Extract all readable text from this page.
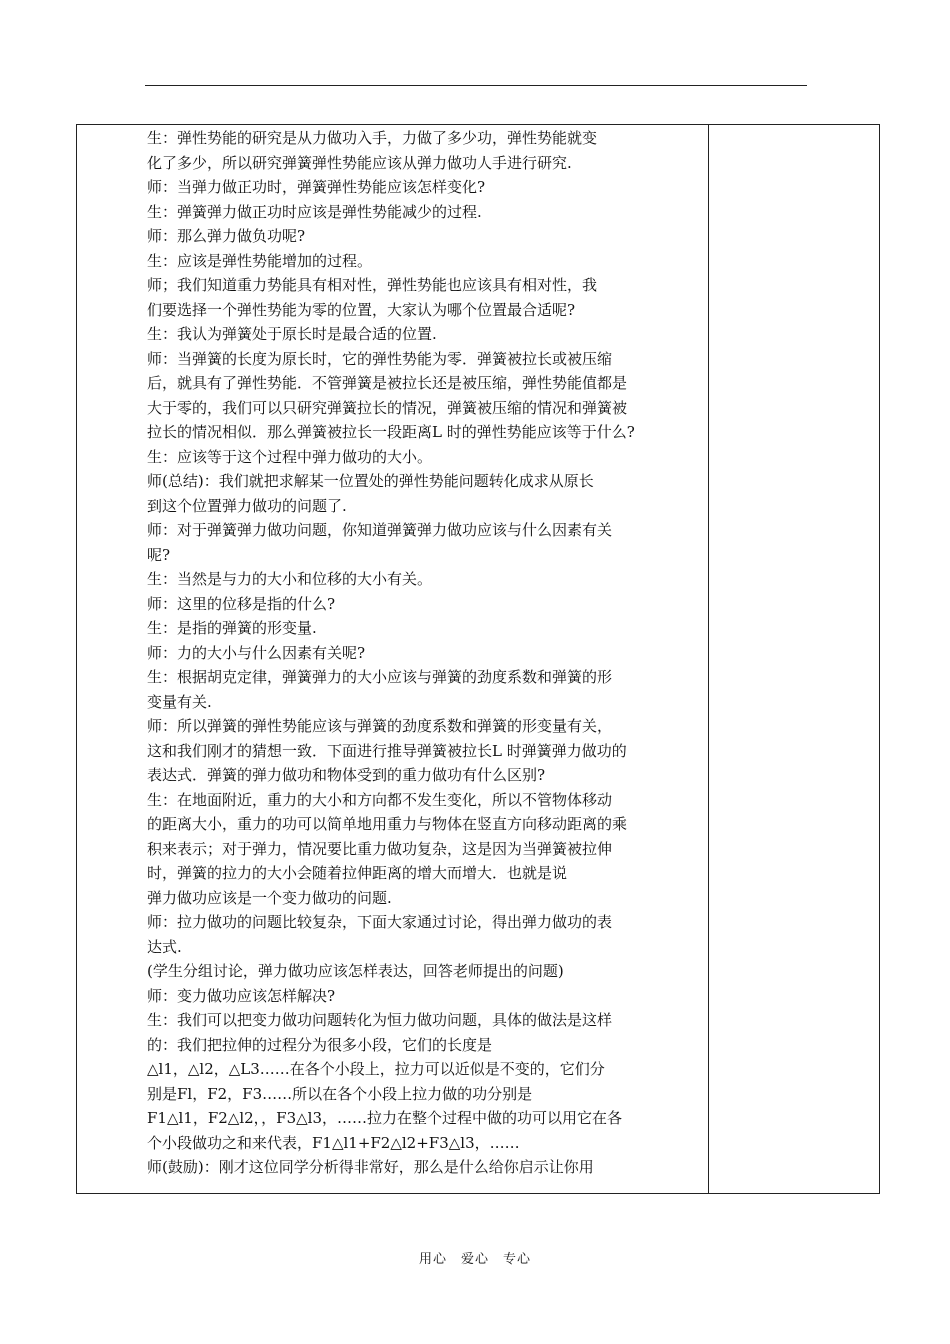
生：弹性势能的研究是从力做功入手，力做了多少功，弹性势能就变
化了多少，所以研究弹簧弹性势能应该从弹力做功人手进行研究.
师：当弹力做正功时，弹簧弹性势能应该怎样变化?
生：弹簧弹力做正功时应该是弹性势能减少的过程.
师：那么弹力做负功呢?
生：应该是弹性势能增加的过程。
师；我们知道重力势能具有相对性，弹性势能也应该具有相对性，我
们要选择一个弹性势能为零的位置，大家认为哪个位置最合适呢?
生：我认为弹簧处于原长时是最合适的位置.
师：当弹簧的长度为原长时，它的弹性势能为零．弹簧被拉长或被压缩
后，就具有了弹性势能．不管弹簧是被拉长还是被压缩，弹性势能值都是
大于零的，我们可以只研究弹簧拉长的情况，弹簧被压缩的情况和弹簧被
拉长的情况相似．那么弹簧被拉长一段距离L 时的弹性势能应该等于什么?
生：应该等于这个过程中弹力做功的大小。
师(总结)：我们就把求解某一位置处的弹性势能问题转化成求从原长
到这个位置弹力做功的问题了.
师：对于弹簧弹力做功问题，你知道弹簧弹力做功应该与什么因素有关
呢?
生：当然是与力的大小和位移的大小有关。
师：这里的位移是指的什么?
生：是指的弹簧的形变量.
师：力的大小与什么因素有关呢?
生：根据胡克定律，弹簧弹力的大小应该与弹簧的劲度系数和弹簧的形
变量有关.
师：所以弹簧的弹性势能应该与弹簧的劲度系数和弹簧的形变量有关，
这和我们刚才的猜想一致．下面进行推导弹簧被拉长L 时弹簧弹力做功的
表达式．弹簧的弹力做功和物体受到的重力做功有什么区别?
生：在地面附近，重力的大小和方向都不发生变化，所以不管物体移动
的距离大小，重力的功可以简单地用重力与物体在竖直方向移动距离的乘
积来表示；对于弹力，情况要比重力做功复杂，这是因为当弹簧被拉伸
时，弹簧的拉力的大小会随着拉伸距离的增大而增大．也就是说
弹力做功应该是一个变力做功的问题.
师：拉力做功的问题比较复杂，下面大家通过讨论，得出弹力做功的表
达式.
(学生分组讨论，弹力做功应该怎样表达，回答老师提出的问题)
师：变力做功应该怎样解决?
生：我们可以把变力做功问题转化为恒力做功问题，具体的做法是这样
的：我们把拉伸的过程分为很多小段，它们的长度是
△l1，△l2，△L3……在各个小段上，拉力可以近似是不变的，它们分
别是Fl，F2，F3……所以在各个小段上拉力做的功分别是
F1△l1，F2△l2，，F3△l3，……拉力在整个过程中做的功可以用它在各
个小段做功之和来代表，F1△l1+F2△l2+F3△l3，……
师(鼓励)：刚才这位同学分析得非常好，那么是什么给你启示让你用
用心　爱心　专心
